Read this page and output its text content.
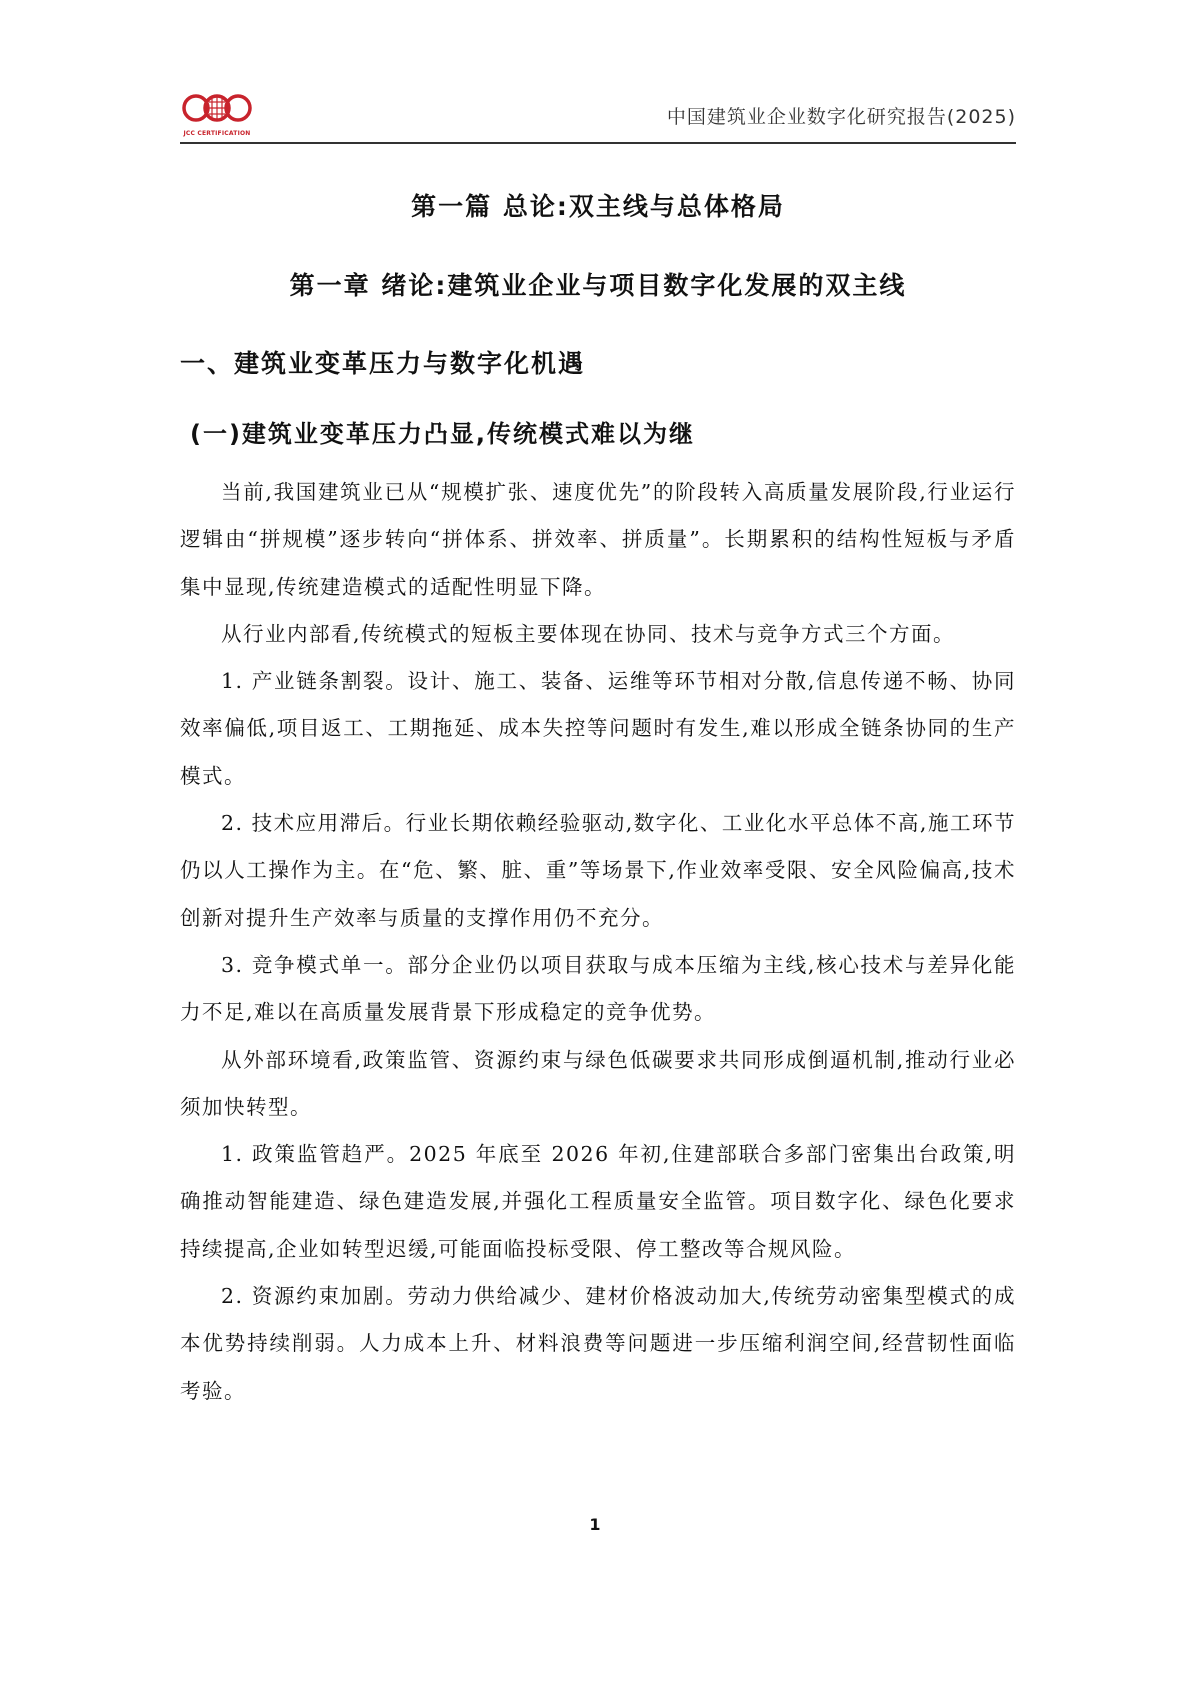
JCC CERTIFICATION
中国建筑业企业数字化研究报告(2025)
第一篇 总论:双主线与总体格局
第一章 绪论:建筑业企业与项目数字化发展的双主线
一、建筑业变革压力与数字化机遇
(一)建筑业变革压力凸显,传统模式难以为继

当前,我国建筑业已从“规模扩张、速度优先”的阶段转入高质量发展阶段,行业运行逻辑由“拼规模”逐步转向“拼体系、拼效率、拼质量”。长期累积的结构性短板与矛盾集中显现,传统建造模式的适配性明显下降。

从行业内部看,传统模式的短板主要体现在协同、技术与竞争方式三个方面。

1. 产业链条割裂。设计、施工、装备、运维等环节相对分散,信息传递不畅、协同效率偏低,项目返工、工期拖延、成本失控等问题时有发生,难以形成全链条协同的生产模式。

2. 技术应用滞后。行业长期依赖经验驱动,数字化、工业化水平总体不高,施工环节仍以人工操作为主。在“危、繁、脏、重”等场景下,作业效率受限、安全风险偏高,技术创新对提升生产效率与质量的支撑作用仍不充分。

3. 竞争模式单一。部分企业仍以项目获取与成本压缩为主线,核心技术与差异化能力不足,难以在高质量发展背景下形成稳定的竞争优势。

从外部环境看,政策监管、资源约束与绿色低碳要求共同形成倒逼机制,推动行业必须加快转型。

1. 政策监管趋严。2025 年底至 2026 年初,住建部联合多部门密集出台政策,明确推动智能建造、绿色建造发展,并强化工程质量安全监管。项目数字化、绿色化要求持续提高,企业如转型迟缓,可能面临投标受限、停工整改等合规风险。

2. 资源约束加剧。劳动力供给减少、建材价格波动加大,传统劳动密集型模式的成本优势持续削弱。人力成本上升、材料浪费等问题进一步压缩利润空间,经营韧性面临考验。

1
